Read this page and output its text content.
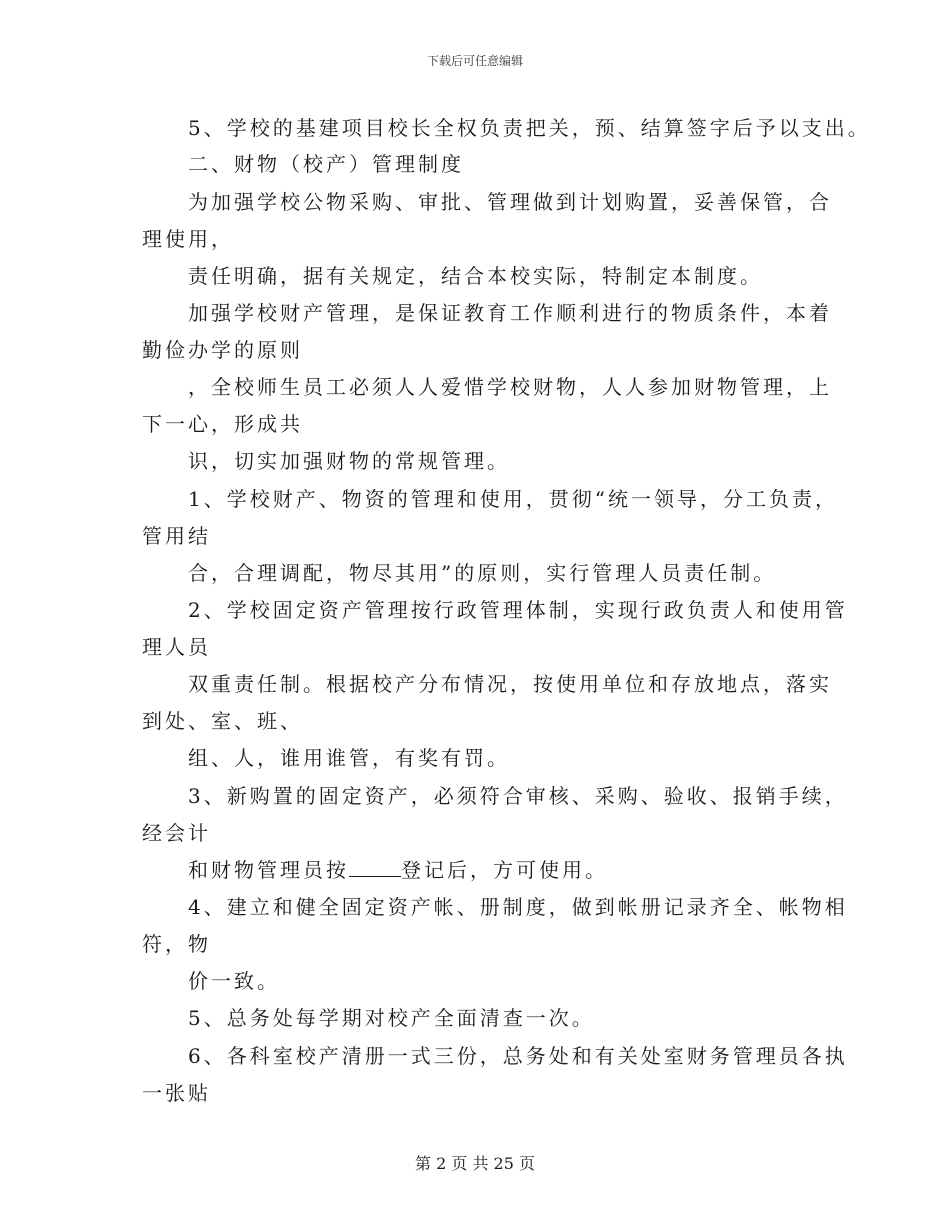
下载后可任意编辑
5、学校的基建项目校长全权负责把关，预、结算签字后予以支出。
二、财物（校产）管理制度
为加强学校公物采购、审批、管理做到计划购置，妥善保管，合
理使用，
责任明确，据有关规定，结合本校实际，特制定本制度。
加强学校财产管理，是保证教育工作顺利进行的物质条件，本着
勤俭办学的原则
，全校师生员工必须人人爱惜学校财物，人人参加财物管理，上
下一心，形成共
识，切实加强财物的常规管理。
1、学校财产、物资的管理和使用，贯彻“统一领导，分工负责，
管用结
合，合理调配，物尽其用”的原则，实行管理人员责任制。
2、学校固定资产管理按行政管理体制，实现行政负责人和使用管
理人员
双重责任制。根据校产分布情况，按使用单位和存放地点，落实
到处、室、班、
组、人，谁用谁管，有奖有罚。
3、新购置的固定资产，必须符合审核、采购、验收、报销手续，
经会计
和财物管理员按	登记后，方可使用。
4、建立和健全固定资产帐、册制度，做到帐册记录齐全、帐物相
符，物
价一致。
5、总务处每学期对校产全面清查一次。
6、各科室校产清册一式三份，总务处和有关处室财务管理员各执
一张贴
第 2 页 共 25 页
